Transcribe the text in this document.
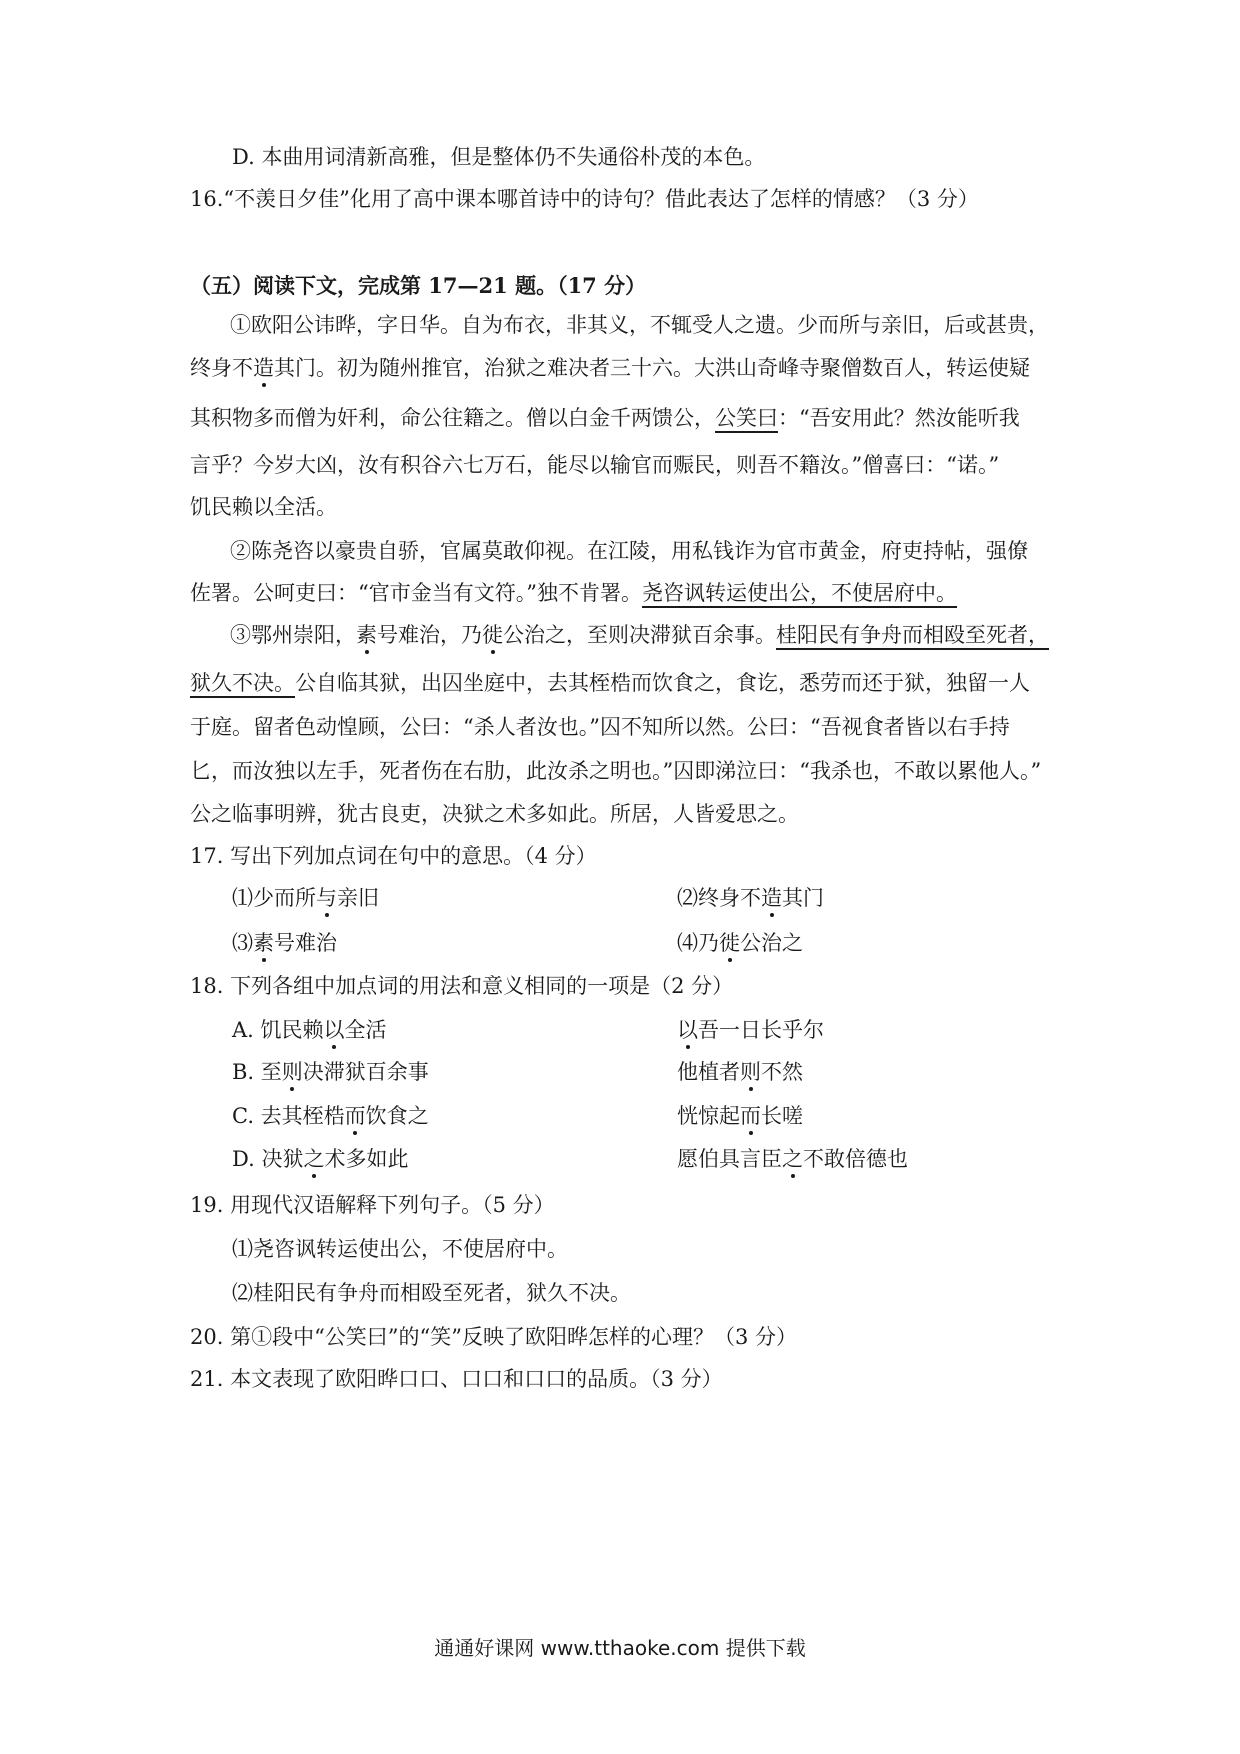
D. 本曲用词清新高雅，但是整体仍不失通俗朴茂的本色。
16.“不羡日夕佳”化用了高中课本哪首诗中的诗句？借此表达了怎样的情感？（3 分）
（五）阅读下文，完成第 17—21 题。（17 分）
①欧阳公讳晔，字日华。自为布衣，非其义，不辄受人之遗。少而所与亲旧，后或甚贵，
终身不造其门。初为随州推官，治狱之难决者三十六。大洪山奇峰寺聚僧数百人，转运使疑
其积物多而僧为奸利，命公往籍之。僧以白金千两馈公，公笑曰：“吾安用此？然汝能听我
言乎？今岁大凶，汝有积谷六七万石，能尽以输官而赈民，则吾不籍汝。”僧喜曰：“诺。”
饥民赖以全活。
②陈尧咨以豪贵自骄，官属莫敢仰视。在江陵，用私钱诈为官市黄金，府吏持帖，强僚
佐署。公呵吏曰：“官市金当有文符。”独不肯署。尧咨讽转运使出公，不使居府中。
③鄂州崇阳，素号难治，乃徙公治之，至则决滞狱百余事。桂阳民有争舟而相殴至死者，
狱久不决。公自临其狱，出囚坐庭中，去其桎梏而饮食之，食讫，悉劳而还于狱，独留一人
于庭。留者色动惶顾，公曰：“杀人者汝也。”囚不知所以然。公曰：“吾视食者皆以右手持
匕，而汝独以左手，死者伤在右肋，此汝杀之明也。”囚即涕泣曰：“我杀也，不敢以累他人。”
公之临事明辨，犹古良吏，决狱之术多如此。所居，人皆爱思之。
17. 写出下列加点词在句中的意思。（4 分）
⑴少而所与亲旧	⑵终身不造其门
⑶素号难治	⑷乃徙公治之
18. 下列各组中加点词的用法和意义相同的一项是（2 分）
A. 饥民赖以全活	以吾一日长乎尔
B. 至则决滞狱百余事	他植者则不然
C. 去其桎梏而饮食之	恍惊起而长嗟
D. 决狱之术多如此	愿伯具言臣之不敢倍德也
19. 用现代汉语解释下列句子。（5 分）
⑴尧咨讽转运使出公，不使居府中。
⑵桂阳民有争舟而相殴至死者，狱久不决。
20. 第①段中“公笑曰”的“笑”反映了欧阳晔怎样的心理？（3 分）
21. 本文表现了欧阳晔口口、口口和口口的品质。（3 分）
通通好课网 www.tthaoke.com 提供下载
